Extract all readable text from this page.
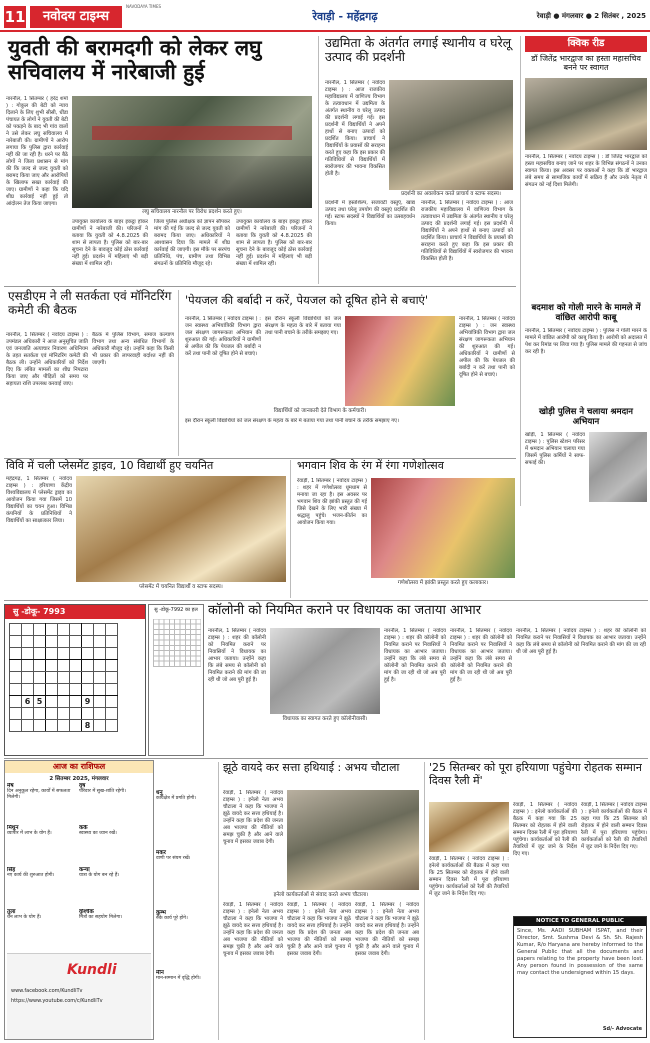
11	नवोदय टाइम्स
NAVODAYA TIMES
रेवाड़ी - महेंद्रगढ़	रेवाड़ी ● मंगलवार ● 2 सितंबर , 2025
युवती की बरामदगी को लेकर लघु सचिवालय में नारेबाजी हुई
नारनौल, 1 सितम्बर ( हरेंद्र शर्मा ) : गोकुल की बेटी को न्याय दिलाने के लिए शुभी सीसी, धींडा पंचायत के लोगों ने युवती की बेटी को पकड़ने के बाद भी गांव वालों ने उसे लेकर लघु सचिवालय में नारेबाजी की। ग्रामीणों ने आरोप लगाया कि पुलिस द्वारा कार्रवाई नहीं की जा रही है। धरने पर बैठे लोगों ने जिला प्रशासन से मांग की कि जल्द से जल्द युवती को बरामद किया जाए और आरोपियों के खिलाफ सख्त कार्रवाई की जाए। ग्रामीणों ने कहा कि यदि शीघ्र कार्रवाई नहीं हुई तो आंदोलन तेज किया जाएगा।
लघु सचिवालय नारनौल पर विरोध प्रदर्शन करते हुए।
उपायुक्त कार्यालय के बाहर इकट्ठा होकर ग्रामीणों ने नारेबाजी की। परिजनों ने बताया कि युवती को 4.8.2025 की शाम से लापता है। पुलिस को बार-बार सूचना देने के बावजूद कोई ठोस कार्रवाई नहीं हुई। प्रदर्शन में महिलाएं भी बड़ी संख्या में शामिल रहीं।
जिला पुलिस अधीक्षक को ज्ञापन सौंपकर मांग की गई कि जल्द से जल्द युवती को बरामद किया जाए। अधिकारियों ने आश्वासन दिया कि मामले में शीघ्र कार्रवाई की जाएगी। इस मौके पर सरपंच प्रतिनिधि, पंच, ग्रामीण तथा विभिन्न संगठनों के प्रतिनिधि मौजूद रहे।
उपायुक्त कार्यालय के बाहर इकट्ठा होकर ग्रामीणों ने नारेबाजी की। परिजनों ने बताया कि युवती को 4.8.2025 की शाम से लापता है। पुलिस को बार-बार सूचना देने के बावजूद कोई ठोस कार्रवाई नहीं हुई। प्रदर्शन में महिलाएं भी बड़ी संख्या में शामिल रहीं।
उद्यमिता के अंतर्गत लगाई स्थानीय व घरेलू उत्पाद की प्रदर्शनी
नारनौल, 1 सितम्बर ( नवोदय टाइम्स ) : आज राजकीय महाविद्यालय में वाणिज्य विभाग के तत्वावधान में उद्यमिता के अंतर्गत स्थानीय व घरेलू उत्पाद की प्रदर्शनी लगाई गई। इस प्रदर्शनी में विद्यार्थियों ने अपने हाथों से बनाए उत्पादों को प्रदर्शित किया। प्राचार्य ने विद्यार्थियों के प्रयासों की सराहना करते हुए कहा कि इस प्रकार की गतिविधियों से विद्यार्थियों में स्वरोजगार की भावना विकसित होती है।
प्रदर्शनी का अवलोकन करते प्राचार्य व स्टाफ सदस्य।
प्रदर्शनी में हस्तशिल्प, सजावटी वस्तुएं, खाद्य उत्पाद तथा घरेलू उपयोग की वस्तुएं प्रदर्शित की गईं। स्टाफ सदस्यों ने विद्यार्थियों का उत्साहवर्धन किया।
नारनौल, 1 सितम्बर ( नवोदय टाइम्स ) : आज राजकीय महाविद्यालय में वाणिज्य विभाग के तत्वावधान में उद्यमिता के अंतर्गत स्थानीय व घरेलू उत्पाद की प्रदर्शनी लगाई गई। इस प्रदर्शनी में विद्यार्थियों ने अपने हाथों से बनाए उत्पादों को प्रदर्शित किया। प्राचार्य ने विद्यार्थियों के प्रयासों की सराहना करते हुए कहा कि इस प्रकार की गतिविधियों से विद्यार्थियों में स्वरोजगार की भावना विकसित होती है।
क्विक रीड
डॉ जितेंद्र भारद्वाज का हस्ता महासचिव बनने पर स्वागत
नारनौल, 1 सितम्बर ( नवोदय टाइम्स ) : डॉ जितेंद्र भारद्वाज को हस्ता महासचिव बनाए जाने पर शहर के विभिन्न संगठनों ने उनका स्वागत किया। इस अवसर पर वक्ताओं ने कहा कि डॉ भारद्वाज लंबे समय से सामाजिक कार्यों में सक्रिय हैं और उनके नेतृत्व में संगठन को नई दिशा मिलेगी।
बदमाश को गोली मारने के मामले में वांछित आरोपी काबू
नारनौल, 1 सितम्बर ( नवोदय टाइम्स ) : पुलिस ने गोली मारने के मामले में वांछित आरोपी को काबू किया है। आरोपी को अदालत में पेश कर रिमांड पर लिया गया है। पुलिस मामले की गहनता से जांच कर रही है।
खोड़ी पुलिस ने चलाया श्रमदान अभियान
खोड़ी, 1 सितम्बर ( नवोदय टाइम्स ) : पुलिस स्टेशन परिसर में श्रमदान अभियान चलाया गया जिसमें पुलिस कर्मियों ने साफ-सफाई की।
एसडीएम ने ली सतर्कता एवं मॉनिटरिंग कमेटी की बैठक
नारनौल, 1 सितम्बर ( नवोदय टाइम्स ) : उपमंडल अधिकारी ने आज अनुसूचित जाति एवं जनजाति अत्याचार निवारण अधिनियम के तहत सतर्कता एवं मॉनिटरिंग कमेटी की बैठक ली। उन्होंने अधिकारियों को निर्देश दिए कि लंबित मामलों का शीघ्र निपटारा किया जाए और पीड़ितों को समय पर सहायता राशि उपलब्ध करवाई जाए।
बैठक में पुलिस विभाग, समाज कल्याण विभाग तथा अन्य संबंधित विभागों के अधिकारी मौजूद रहे। उन्होंने कहा कि किसी भी प्रकार की लापरवाही बर्दाश्त नहीं की जाएगी।
'पेयजल की बर्बादी न करें, पेयजल को दूषित होने से बचाएं'
नारनौल, 1 सितम्बर ( नवोदय टाइम्स ) : जन स्वास्थ्य अभियांत्रिकी विभाग द्वारा जल संरक्षण जागरूकता अभियान की शुरुआत की गई। अधिकारियों ने ग्रामीणों से अपील की कि पेयजल की बर्बादी न करें तथा पानी को दूषित होने से बचाएं।
इस दौरान स्कूली विद्यार्थियों को जल संरक्षण के महत्व के बारे में बताया गया तथा पानी बचाने के तरीके समझाए गए।
नारनौल, 1 सितम्बर ( नवोदय टाइम्स ) : जन स्वास्थ्य अभियांत्रिकी विभाग द्वारा जल संरक्षण जागरूकता अभियान की शुरुआत की गई। अधिकारियों ने ग्रामीणों से अपील की कि पेयजल की बर्बादी न करें तथा पानी को दूषित होने से बचाएं।
विद्यार्थियों को जानकारी देते विभाग के कर्मचारी।
इस दौरान स्कूली विद्यार्थियों को जल संरक्षण के महत्व के बारे में बताया गया तथा पानी बचाने के तरीके समझाए गए।
विवि में चली प्लेसमेंट ड्राइव, 10 विद्यार्थी हुए चयनित
महेंद्रगढ़, 1 सितम्बर ( नवोदय टाइम्स ) : हरियाणा केंद्रीय विश्वविद्यालय में प्लेसमेंट ड्राइव का आयोजन किया गया जिसमें 10 विद्यार्थियों का चयन हुआ। विभिन्न कंपनियों के प्रतिनिधियों ने विद्यार्थियों का साक्षात्कार लिया।
प्लेसमेंट में चयनित विद्यार्थी व स्टाफ सदस्य।
भगवान शिव के रंग में रंगा गणेशोत्सव
रेवाड़ी, 1 सितम्बर ( नवोदय टाइम्स ) : शहर में गणेशोत्सव धूमधाम से मनाया जा रहा है। इस अवसर पर भगवान शिव की झांकी प्रस्तुत की गई जिसे देखने के लिए भारी संख्या में श्रद्धालु पहुंचे। भजन-कीर्तन का आयोजन किया गया।
गणेशोत्सव में झांकी प्रस्तुत करते हुए कलाकार।
सु -डोकू- 7993

	6	5				9		

						8		
सु -डोकू-7992 का हल कॉलोनी को नियमित कराने पर विधायक का जताया आभार
नारनौल, 1 सितम्बर ( नवोदय टाइम्स ) : शहर की कॉलोनी को नियमित कराने पर निवासियों ने विधायक का आभार जताया। उन्होंने कहा कि लंबे समय से कॉलोनी को नियमित कराने की मांग की जा रही थी जो अब पूरी हुई है।
विधायक का स्वागत करते हुए कॉलोनीवासी।
नारनौल, 1 सितम्बर ( नवोदय टाइम्स ) : शहर की कॉलोनी को नियमित कराने पर निवासियों ने विधायक का आभार जताया। उन्होंने कहा कि लंबे समय से कॉलोनी को नियमित कराने की मांग की जा रही थी जो अब पूरी हुई है।
नारनौल, 1 सितम्बर ( नवोदय टाइम्स ) : शहर की कॉलोनी को नियमित कराने पर निवासियों ने विधायक का आभार जताया। उन्होंने कहा कि लंबे समय से कॉलोनी को नियमित कराने की मांग की जा रही थी जो अब पूरी हुई है।
नारनौल, 1 सितम्बर ( नवोदय टाइम्स ) : शहर की कॉलोनी को नियमित कराने पर निवासियों ने विधायक का आभार जताया। उन्होंने कहा कि लंबे समय से कॉलोनी को नियमित कराने की मांग की जा रही थी जो अब पूरी हुई है।
आज का राशिफल
2 सितम्बर 2025, मंगलवार
मेष
दिन अनुकूल रहेगा, कार्यों में सफलता मिलेगी।
वृष
परिवार में सुख-शांति रहेगी।
मिथुन
व्यापार में लाभ के योग हैं।
कर्क
स्वास्थ्य का ध्यान रखें।
सिंह
नए कार्य की शुरुआत होगी।
कन्या
यात्रा के योग बन रहे हैं।
तुला
धन लाभ के योग हैं।
वृश्चिक
मित्रों का सहयोग मिलेगा।
Kundli
www.facebook.com/KundliTv
https://www.youtube.com/c/KundliTv
धनु
कार्यक्षेत्र में प्रगति होगी।
मकर
वाणी पर संयम रखें।
कुम्भ
रुके कार्य पूरे होंगे।
मीन
मान-सम्मान में वृद्धि होगी।
झूठे वायदे कर सत्ता हथियाई : अभय चौटाला
रेवाड़ी, 1 सितम्बर ( नवोदय टाइम्स ) : इनेलो नेता अभय चौटाला ने कहा कि भाजपा ने झूठे वायदे कर सत्ता हथियाई है। उन्होंने कहा कि प्रदेश की जनता अब भाजपा की नीतियों को समझ चुकी है और आने वाले चुनाव में इसका जवाब देगी।
इनेलो कार्यकर्ताओं से संवाद करते अभय चौटाला।
रेवाड़ी, 1 सितम्बर ( नवोदय टाइम्स ) : इनेलो नेता अभय चौटाला ने कहा कि भाजपा ने झूठे वायदे कर सत्ता हथियाई है। उन्होंने कहा कि प्रदेश की जनता अब भाजपा की नीतियों को समझ चुकी है और आने वाले चुनाव में इसका जवाब देगी।
रेवाड़ी, 1 सितम्बर ( नवोदय टाइम्स ) : इनेलो नेता अभय चौटाला ने कहा कि भाजपा ने झूठे वायदे कर सत्ता हथियाई है। उन्होंने कहा कि प्रदेश की जनता अब भाजपा की नीतियों को समझ चुकी है और आने वाले चुनाव में इसका जवाब देगी।
रेवाड़ी, 1 सितम्बर ( नवोदय टाइम्स ) : इनेलो नेता अभय चौटाला ने कहा कि भाजपा ने झूठे वायदे कर सत्ता हथियाई है। उन्होंने कहा कि प्रदेश की जनता अब भाजपा की नीतियों को समझ चुकी है और आने वाले चुनाव में इसका जवाब देगी।
'25 सितम्बर को पूरा हरियाणा पहुंचेगा रोहतक सम्मान दिवस रैली में'
रेवाड़ी, 1 सितम्बर ( नवोदय टाइम्स ) : इनेलो कार्यकर्ताओं की बैठक में कहा गया कि 25 सितम्बर को रोहतक में होने वाली सम्मान दिवस रैली में पूरा हरियाणा पहुंचेगा। कार्यकर्ताओं को रैली की तैयारियों में जुट जाने के निर्देश दिए गए।
रेवाड़ी, 1 सितम्बर ( नवोदय टाइम्स ) : इनेलो कार्यकर्ताओं की बैठक में कहा गया कि 25 सितम्बर को रोहतक में होने वाली सम्मान दिवस रैली में पूरा हरियाणा पहुंचेगा। कार्यकर्ताओं को रैली की तैयारियों में जुट जाने के निर्देश दिए गए।
रेवाड़ी, 1 सितम्बर ( नवोदय टाइम्स ) : इनेलो कार्यकर्ताओं की बैठक में कहा गया कि 25 सितम्बर को रोहतक में होने वाली सम्मान दिवस रैली में पूरा हरियाणा पहुंचेगा। कार्यकर्ताओं को रैली की तैयारियों में जुट जाने के निर्देश दिए गए।
NOTICE TO GENERAL PUBLIC
Since, Ms. AADI SUBHAM ISPAT, and their Director, Smt. Sushma Devi & Sh. Sh. Rajesh Kumar, R/o Haryana are hereby informed to the General Public that all the documents and papers relating to the property have been lost. Any person found in possession of the same may contact the undersigned within 15 days.
Sd/- Advocate
